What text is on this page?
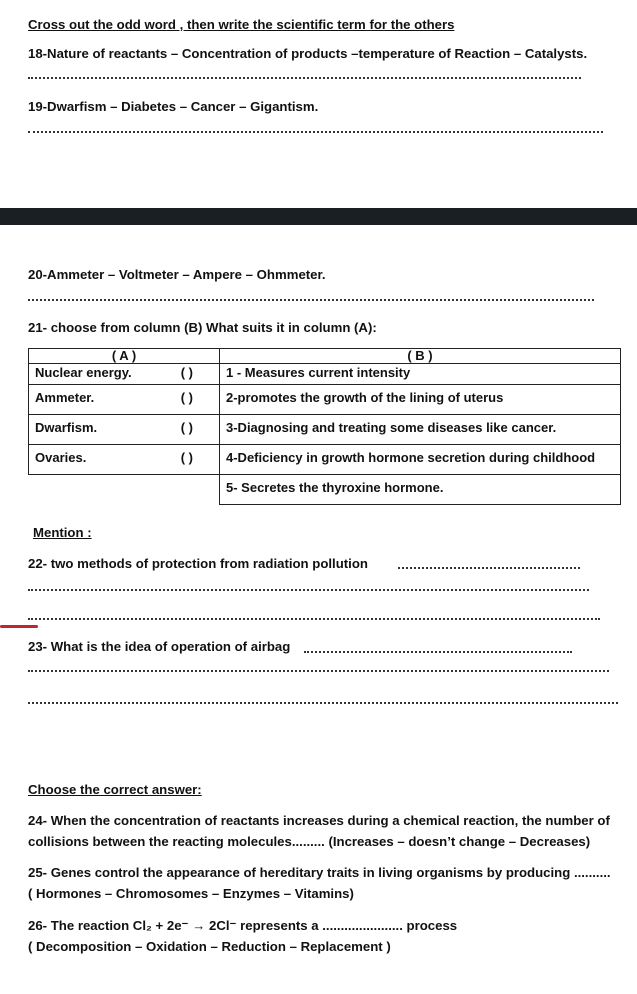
Cross out the odd word , then write the scientific term for the others
18-Nature of reactants – Concentration of products –temperature of Reaction – Catalysts.
19-Dwarfism – Diabetes – Cancer – Gigantism.
20-Ammeter – Voltmeter – Ampere – Ohmmeter.
21- choose from column (B) What suits it in column (A):
( A )	( B )
Nuclear energy. ( )	1 - Measures current intensity
Ammeter. ( )	2-promotes the growth of the lining of uterus
Dwarfism. ( )	3-Diagnosing and treating some diseases like cancer.
Ovaries. ( )	4-Deficiency in growth hormone secretion during childhood
	5- Secretes the thyroxine hormone.
Mention :
22- two methods of protection from radiation pollution
23- What is the idea of operation of airbag
Choose the correct answer:
24- When the concentration of reactants increases during a chemical reaction, the number of
collisions between the reacting molecules......... (Increases – doesn’t change – Decreases)
25- Genes control the appearance of hereditary traits in living organisms by producing ..........
( Hormones – Chromosomes – Enzymes – Vitamins)
26- The reaction Cl₂ + 2e⁻ → 2Cl⁻ represents a ...................... process
( Decomposition – Oxidation – Reduction – Replacement )
